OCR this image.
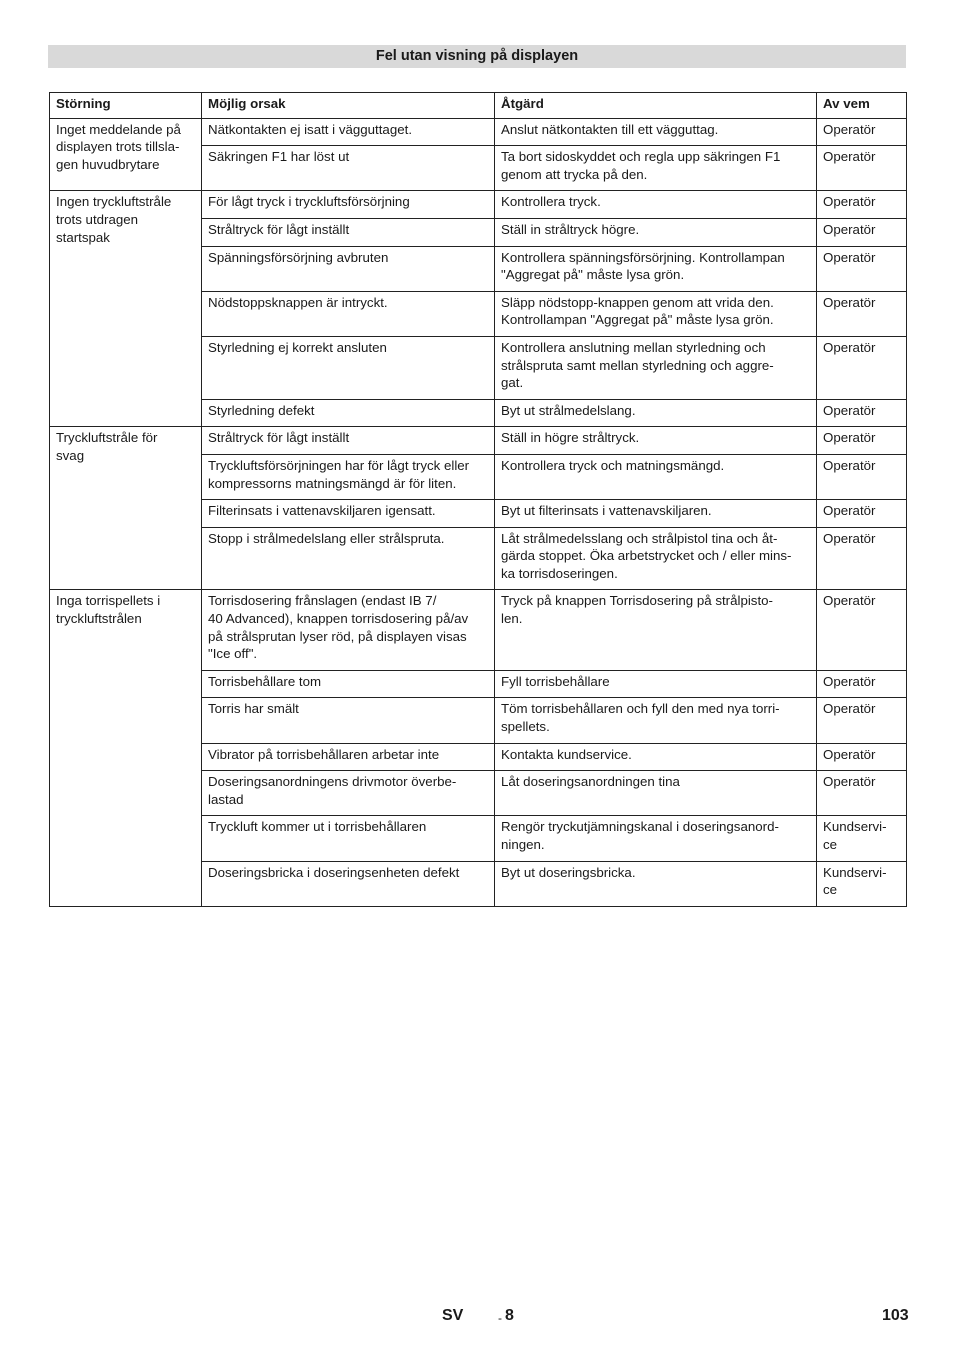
Fel utan visning på displayen
Störning	Möjlig orsak	Åtgärd	Av vem
Inget meddelande på
displayen trots tillsla-
gen huvudbrytare	Nätkontakten ej isatt i vägguttaget.	Anslut nätkontakten till ett vägguttag.	Operatör
	Säkringen F1 har löst ut	Ta bort sidoskyddet och regla upp säkringen F1
genom att trycka på den.	Operatör
Ingen tryckluftstråle
trots utdragen
startspak	För lågt tryck i tryckluftsförsörjning	Kontrollera tryck.	Operatör
	Stråltryck för lågt inställt	Ställ in stråltryck högre.	Operatör
	Spänningsförsörjning avbruten	Kontrollera spänningsförsörjning. Kontrollampan
"Aggregat på" måste lysa grön.	Operatör
	Nödstoppsknappen är intryckt.	Släpp nödstopp-knappen genom att vrida den.
Kontrollampan "Aggregat på" måste lysa grön.	Operatör
	Styrledning ej korrekt ansluten	Kontrollera anslutning mellan styrledning och
strålspruta samt mellan styrledning och aggre-
gat.	Operatör
	Styrledning defekt	Byt ut strålmedelslang.	Operatör
Tryckluftstråle för
svag	Stråltryck för lågt inställt	Ställ in högre stråltryck.	Operatör
	Tryckluftsförsörjningen har för lågt tryck eller
kompressorns matningsmängd är för liten.	Kontrollera tryck och matningsmängd.	Operatör
	Filterinsats i vattenavskiljaren igensatt.	Byt ut filterinsats i vattenavskiljaren.	Operatör
	Stopp i strålmedelslang eller strålspruta.	Låt strålmedelsslang och strålpistol tina och åt-
gärda stoppet. Öka arbetstrycket och / eller mins-
ka torrisdoseringen.	Operatör
Inga torrispellets i
tryckluftstrålen	Torrisdosering frånslagen (endast IB 7/
40 Advanced), knappen torrisdosering på/av
på strålsprutan lyser röd, på displayen visas
"Ice off".	Tryck på knappen Torrisdosering på strålpisto-
len.	Operatör
	Torrisbehållare tom	Fyll torrisbehållare	Operatör
	Torris har smält	Töm torrisbehållaren och fyll den med nya torri-
spellets.	Operatör
	Vibrator på torrisbehållaren arbetar inte	Kontakta kundservice.	Operatör
	Doseringsanordningens drivmotor överbe-
lastad	Låt doseringsanordningen tina	Operatör
	Tryckluft kommer ut i torrisbehållaren	Rengör tryckutjämningskanal i doseringsanord-
ningen.	Kundservi-
ce
	Doseringsbricka i doseringsenheten defekt	Byt ut doseringsbricka.	Kundservi-
ce
SV	- 8	103
